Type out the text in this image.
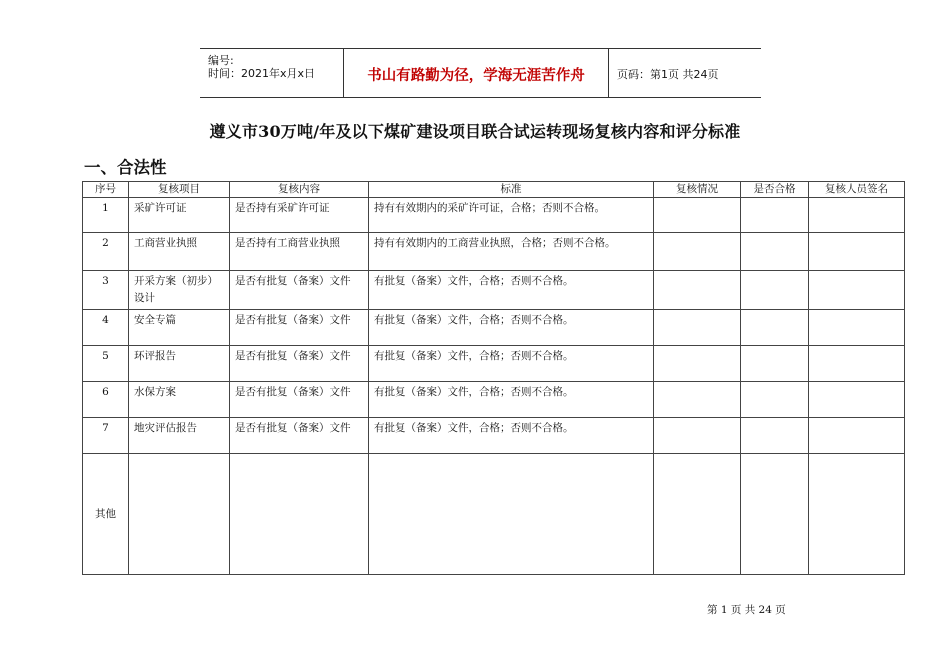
编号:
时间：2021年x月x日	书山有路勤为径，学海无涯苦作舟	页码：第1页 共24页
遵义市30万吨/年及以下煤矿建设项目联合试运转现场复核内容和评分标准
一、合法性
序号	复核项目	复核内容	标准	复核情况	是否合格	复核人员签名
1	采矿许可证	是否持有采矿许可证	持有有效期内的采矿许可证，合格；否则不合格。			
2	工商营业执照	是否持有工商营业执照	持有有效期内的工商营业执照，合格；否则不合格。			
3	开采方案（初步）设计	是否有批复（备案）文件	有批复（备案）文件，合格；否则不合格。			
4	安全专篇	是否有批复（备案）文件	有批复（备案）文件，合格；否则不合格。			
5	环评报告	是否有批复（备案）文件	有批复（备案）文件，合格；否则不合格。			
6	水保方案	是否有批复（备案）文件	有批复（备案）文件，合格；否则不合格。			
7	地灾评估报告	是否有批复（备案）文件	有批复（备案）文件，合格；否则不合格。			
其他						
第 1 页 共 24 页
